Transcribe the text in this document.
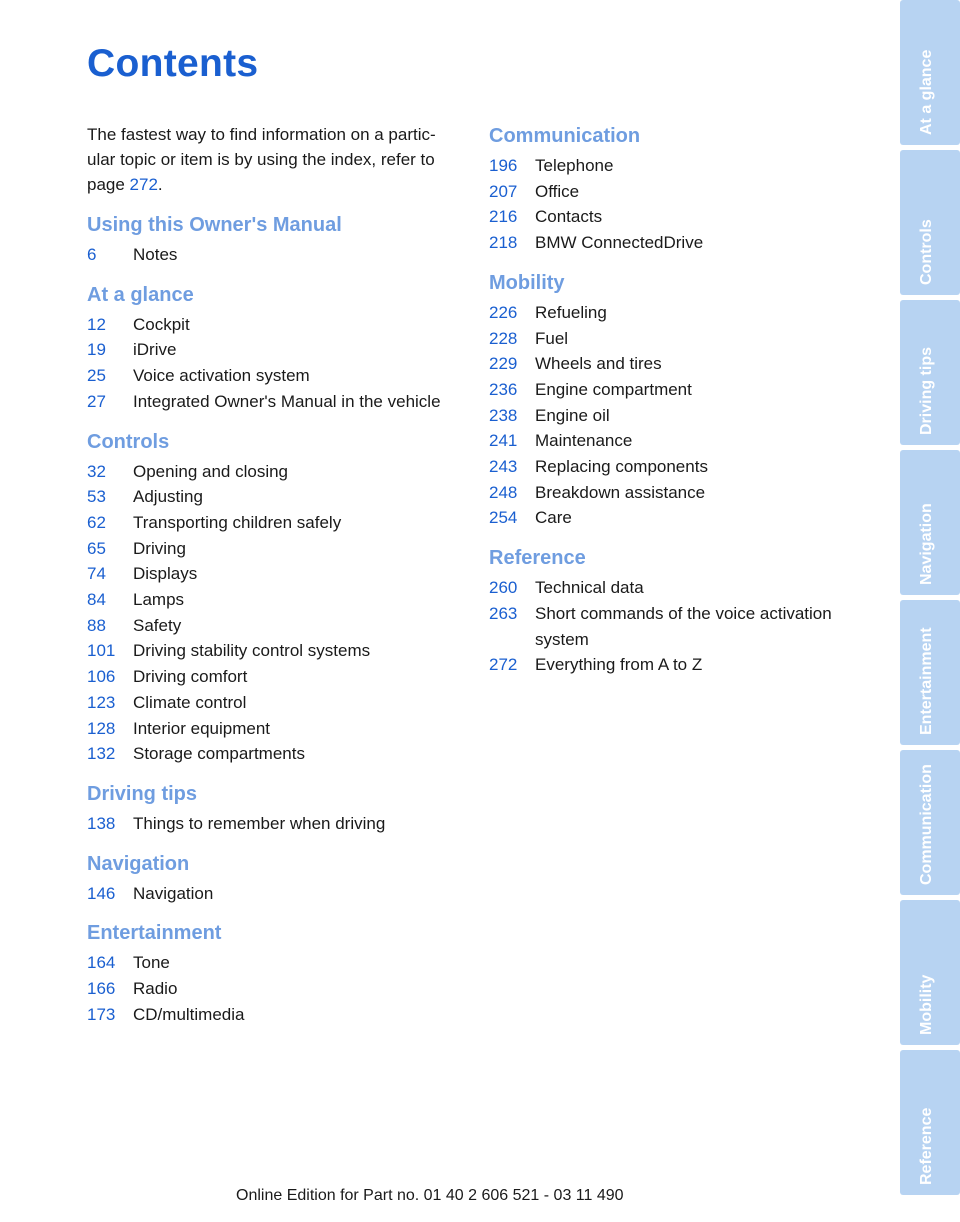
Contents

The fastest way to find information on a partic-ular topic or item is by using the index, refer to page 272.

Using this Owner's Manual
6	Notes
At a glance
12	Cockpit
19	iDrive
25	Voice activation system
27	Integrated Owner's Manual in the vehicle
Controls
32	Opening and closing
53	Adjusting
62	Transporting children safely
65	Driving
74	Displays
84	Lamps
88	Safety
101	Driving stability control systems
106	Driving comfort
123	Climate control
128	Interior equipment
132	Storage compartments
Driving tips
138	Things to remember when driving
Navigation
146	Navigation
Entertainment
164	Tone
166	Radio
173	CD/multimedia
Communication
196	Telephone
207	Office
216	Contacts
218	BMW ConnectedDrive
Mobility
226	Refueling
228	Fuel
229	Wheels and tires
236	Engine compartment
238	Engine oil
241	Maintenance
243	Replacing components
248	Breakdown assistance
254	Care
Reference
260	Technical data
263	Short commands of the voice activation system
272	Everything from A to Z
At a glance
Controls
Driving tips
Navigation
Entertainment
Communication
Mobility
Reference
Online Edition for Part no. 01 40 2 606 521 - 03 11 490
